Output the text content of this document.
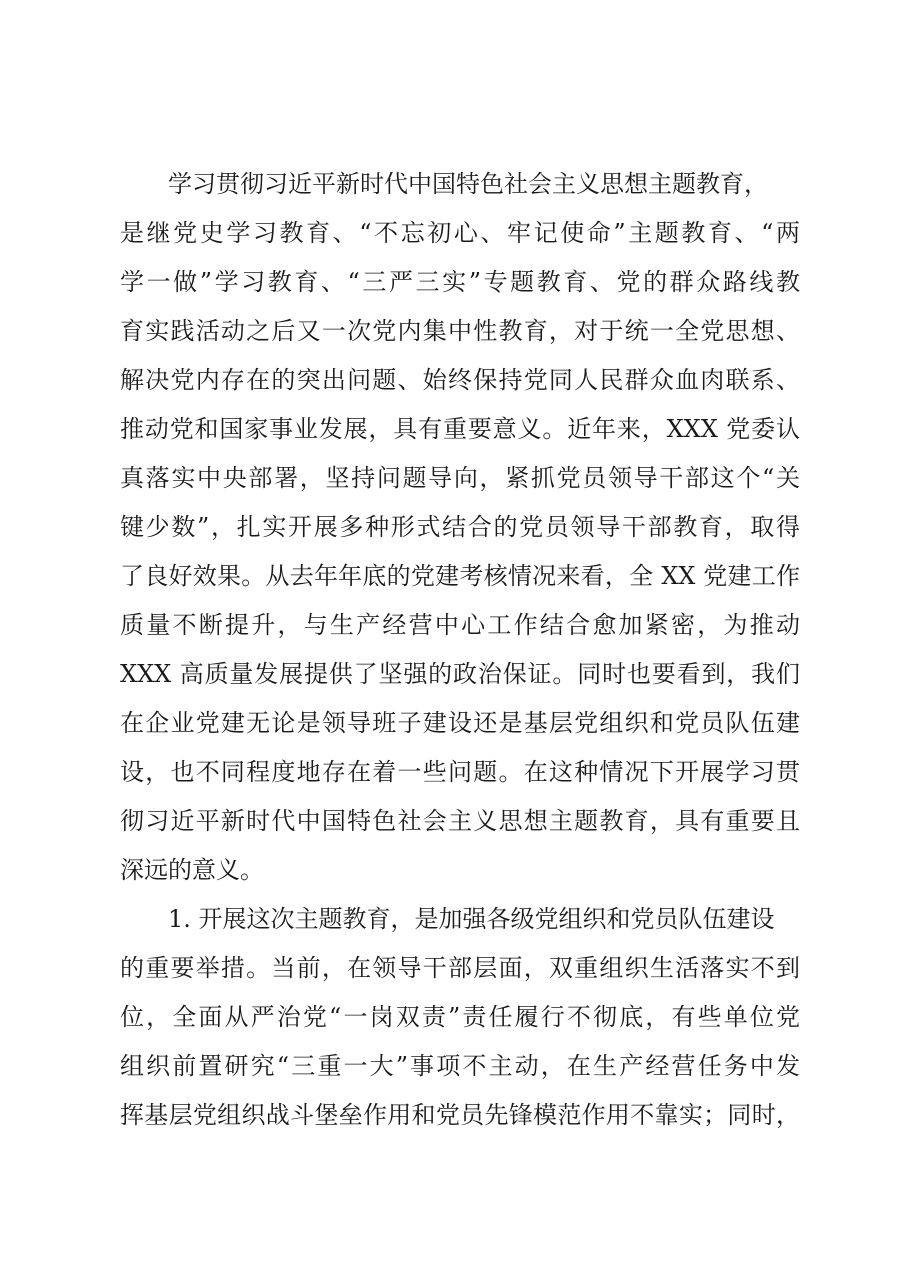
学习贯彻习近平新时代中国特色社会主义思想主题教育，
是继党史学习教育、“不忘初心、牢记使命”主题教育、“两
学一做”学习教育、“三严三实”专题教育、党的群众路线教
育实践活动之后又一次党内集中性教育，对于统一全党思想、
解决党内存在的突出问题、始终保持党同人民群众血肉联系、
推动党和国家事业发展，具有重要意义。近年来，XXX 党委认
真落实中央部署，坚持问题导向，紧抓党员领导干部这个“关
键少数”，扎实开展多种形式结合的党员领导干部教育，取得
了良好效果。从去年年底的党建考核情况来看，全 XX 党建工作
质量不断提升，与生产经营中心工作结合愈加紧密，为推动
XXX 高质量发展提供了坚强的政治保证。同时也要看到，我们
在企业党建无论是领导班子建设还是基层党组织和党员队伍建
设，也不同程度地存在着一些问题。在这种情况下开展学习贯
彻习近平新时代中国特色社会主义思想主题教育，具有重要且
深远的意义。
1. 开展这次主题教育，是加强各级党组织和党员队伍建设
的重要举措。当前，在领导干部层面，双重组织生活落实不到
位，全面从严治党“一岗双责”责任履行不彻底，有些单位党
组织前置研究“三重一大”事项不主动，在生产经营任务中发
挥基层党组织战斗堡垒作用和党员先锋模范作用不靠实；同时，
